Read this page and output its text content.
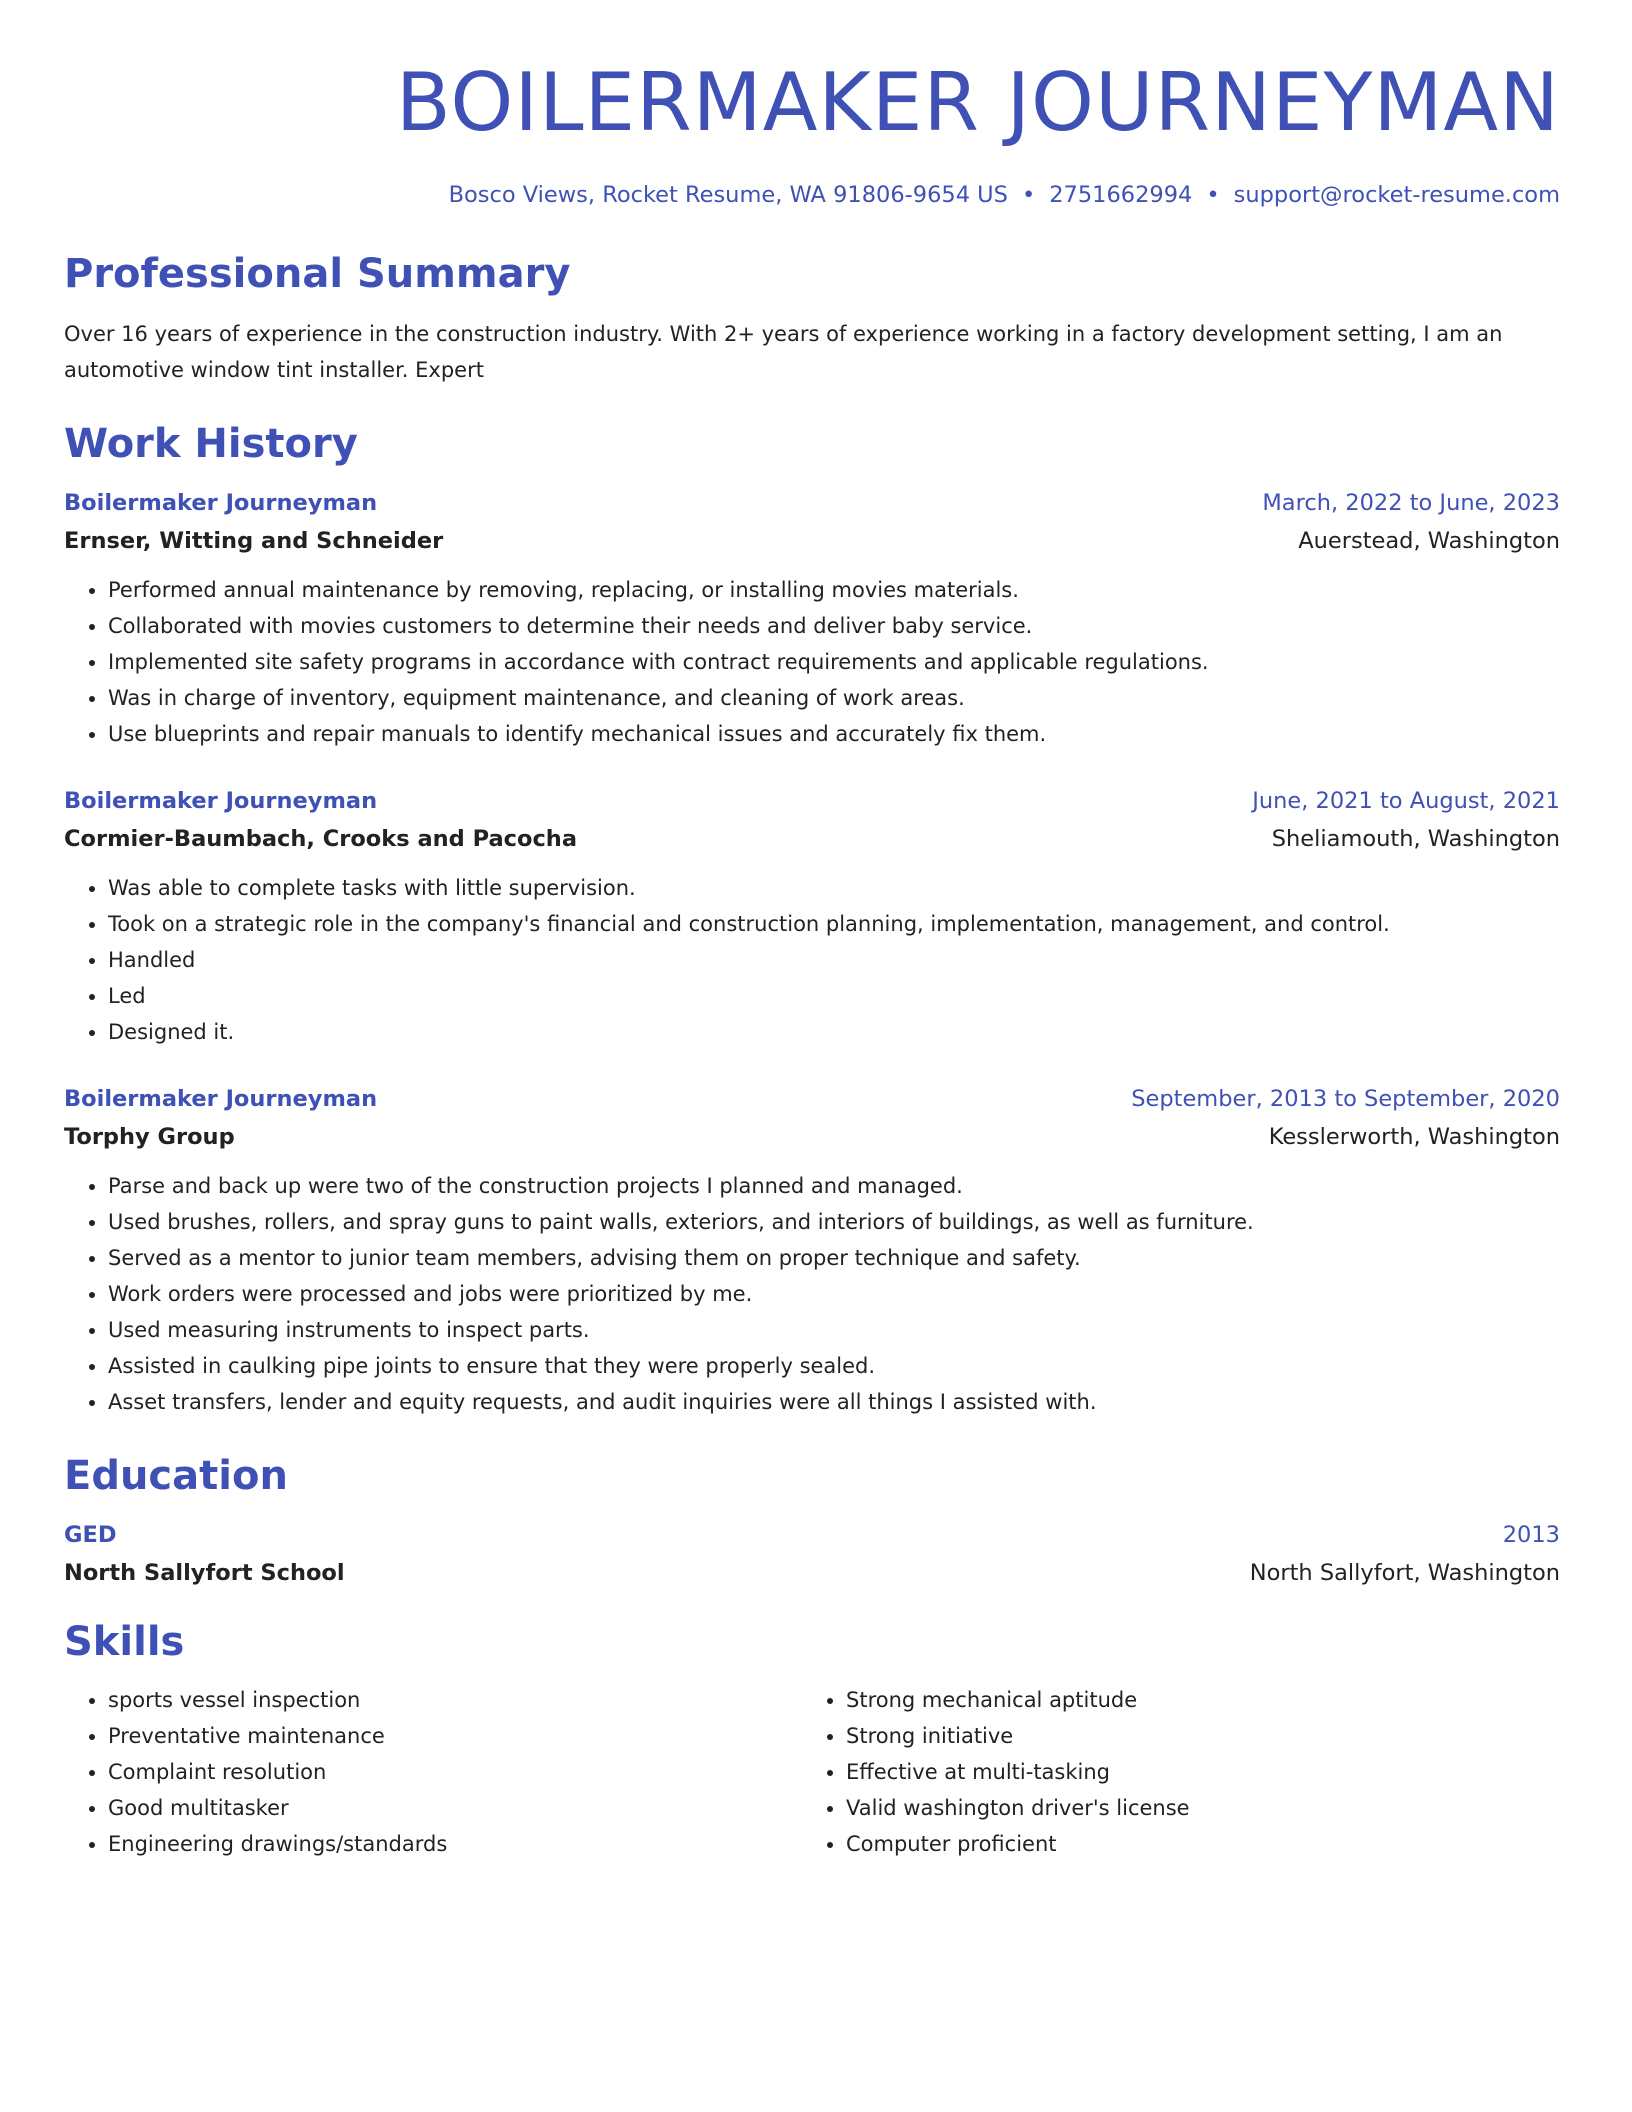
BOILERMAKER JOURNEYMAN
Bosco Views, Rocket Resume, WA 91806-9654 US • 2751662994 • support@rocket-resume.com
Professional Summary

Over 16 years of experience in the construction industry. With 2+ years of experience working in a factory development setting, I am an automotive window tint installer. Expert

Work History
Boilermaker Journeyman	March, 2022 to June, 2023
Ernser, Witting and Schneider	Auerstead, Washington
• Performed annual maintenance by removing, replacing, or installing movies materials.
• Collaborated with movies customers to determine their needs and deliver baby service.
• Implemented site safety programs in accordance with contract requirements and applicable regulations.
• Was in charge of inventory, equipment maintenance, and cleaning of work areas.
• Use blueprints and repair manuals to identify mechanical issues and accurately fix them.
Boilermaker Journeyman	June, 2021 to August, 2021
Cormier-Baumbach, Crooks and Pacocha	Sheliamouth, Washington
• Was able to complete tasks with little supervision.
• Took on a strategic role in the company's financial and construction planning, implementation, management, and control.
• Handled
• Led
• Designed it.
Boilermaker Journeyman	September, 2013 to September, 2020
Torphy Group	Kesslerworth, Washington
• Parse and back up were two of the construction projects I planned and managed.
• Used brushes, rollers, and spray guns to paint walls, exteriors, and interiors of buildings, as well as furniture.
• Served as a mentor to junior team members, advising them on proper technique and safety.
• Work orders were processed and jobs were prioritized by me.
• Used measuring instruments to inspect parts.
• Assisted in caulking pipe joints to ensure that they were properly sealed.
• Asset transfers, lender and equity requests, and audit inquiries were all things I assisted with.
Education
GED	2013
North Sallyfort School	North Sallyfort, Washington
Skills
• sports vessel inspection
• Preventative maintenance
• Complaint resolution
• Good multitasker
• Engineering drawings/standards
• Strong mechanical aptitude
• Strong initiative
• Effective at multi-tasking
• Valid washington driver's license
• Computer proficient
